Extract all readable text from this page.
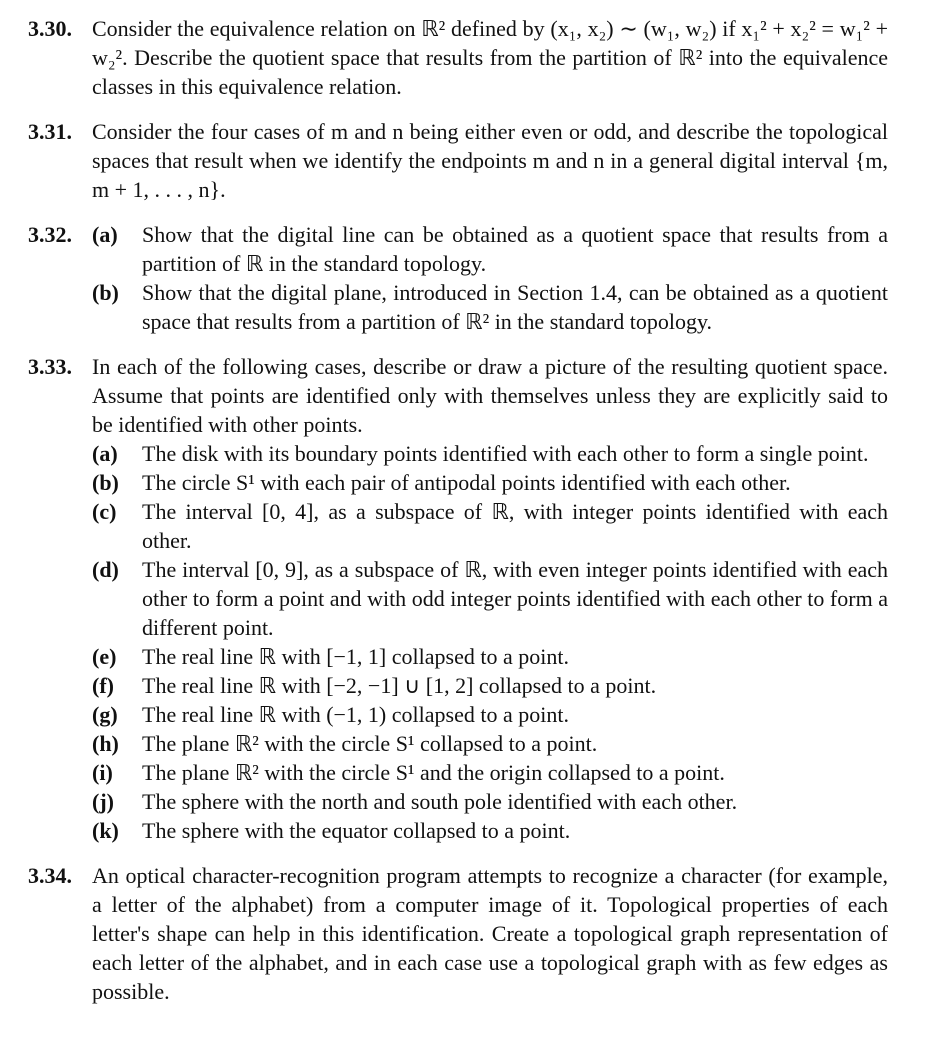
3.30. Consider the equivalence relation on ℝ² defined by (x₁, x₂) ∼ (w₁, w₂) if x₁² + x₂² = w₁² + w₂². Describe the quotient space that results from the partition of ℝ² into the equivalence classes in this equivalence relation.

3.31. Consider the four cases of m and n being either even or odd, and describe the topological spaces that result when we identify the endpoints m and n in a general digital interval {m, m + 1, . . . , n}.

3.32. (a) Show that the digital line can be obtained as a quotient space that results from a partition of ℝ in the standard topology.
(b) Show that the digital plane, introduced in Section 1.4, can be obtained as a quotient space that results from a partition of ℝ² in the standard topology.
3.33. In each of the following cases, describe or draw a picture of the resulting quotient space. Assume that points are identified only with themselves unless they are explicitly said to be identified with other points.

(a) The disk with its boundary points identified with each other to form a single point.
(b) The circle S¹ with each pair of antipodal points identified with each other.
(c) The interval [0, 4], as a subspace of ℝ, with integer points identified with each other.
(d) The interval [0, 9], as a subspace of ℝ, with even integer points identified with each other to form a point and with odd integer points identified with each other to form a different point.
(e) The real line ℝ with [−1, 1] collapsed to a point.
(f) The real line ℝ with [−2, −1] ∪ [1, 2] collapsed to a point.
(g) The real line ℝ with (−1, 1) collapsed to a point.
(h) The plane ℝ² with the circle S¹ collapsed to a point.
(i) The plane ℝ² with the circle S¹ and the origin collapsed to a point.
(j) The sphere with the north and south pole identified with each other.
(k) The sphere with the equator collapsed to a point.
3.34. An optical character-recognition program attempts to recognize a character (for example, a letter of the alphabet) from a computer image of it. Topological properties of each letter's shape can help in this identification. Create a topological graph representation of each letter of the alphabet, and in each case use a topological graph with as few edges as possible.
